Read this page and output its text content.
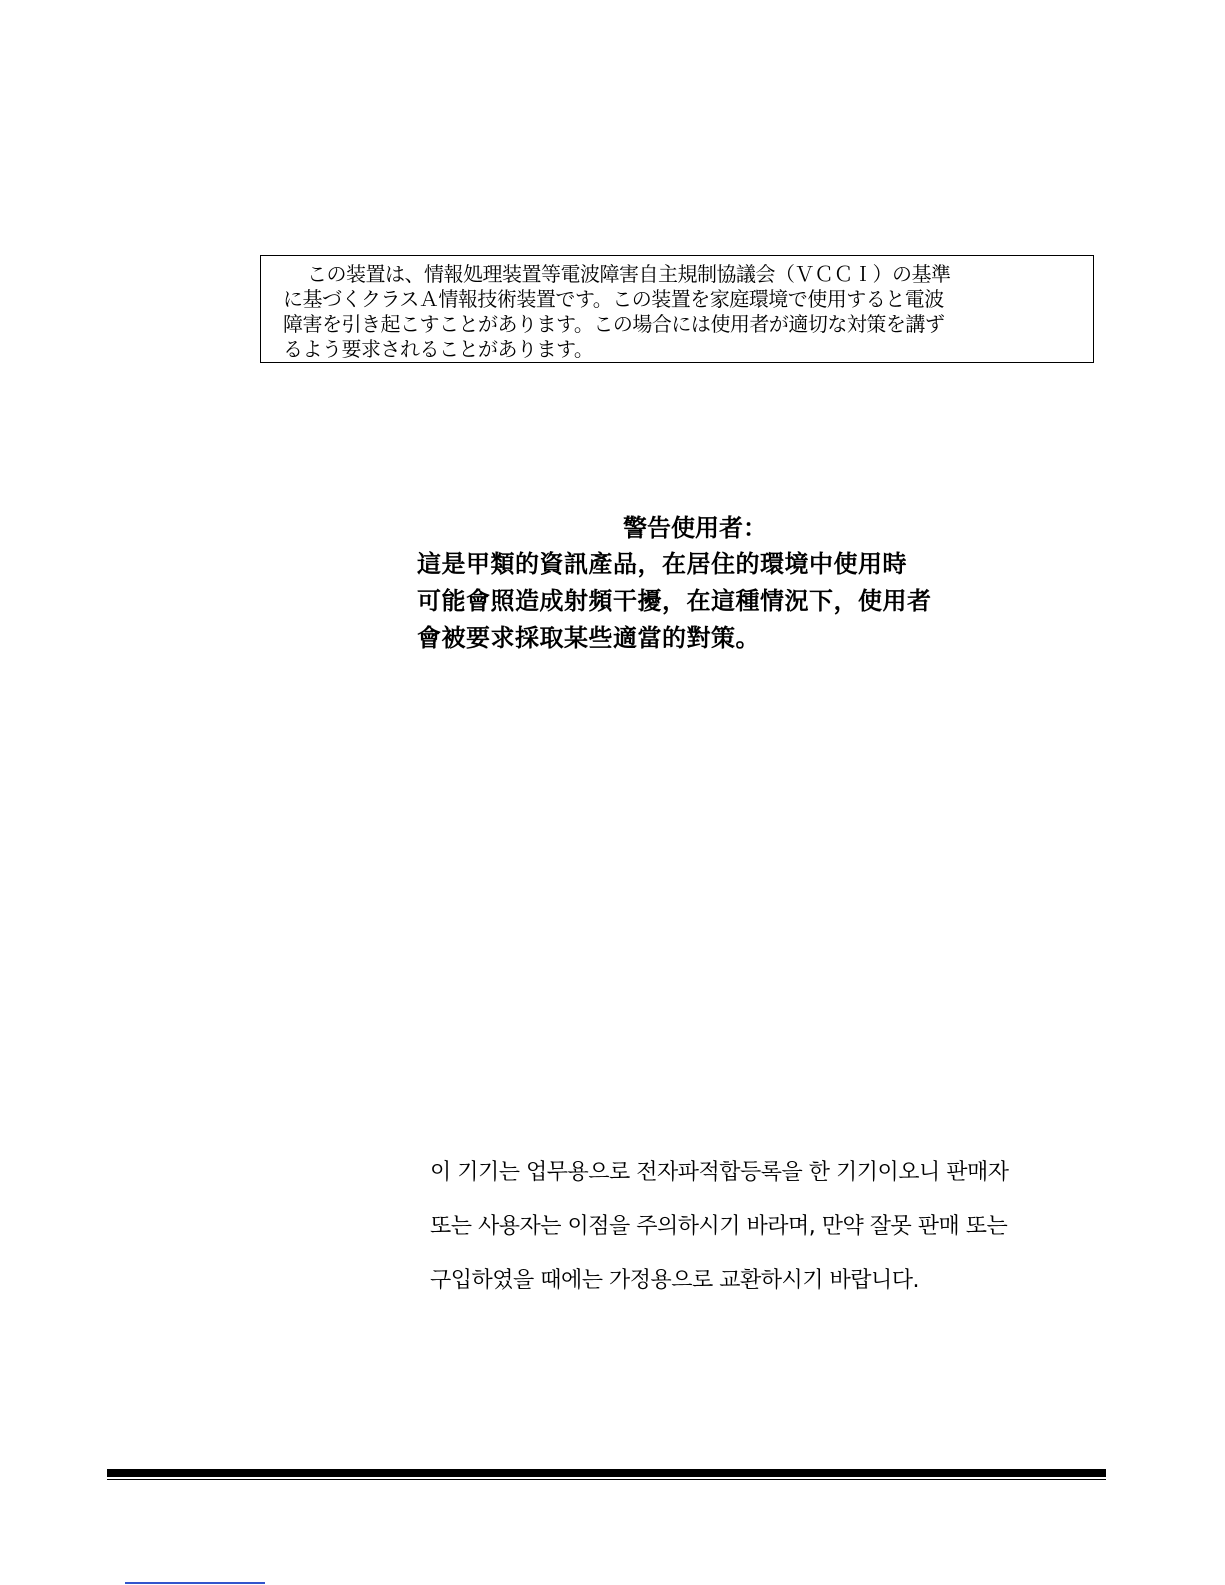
この装置は、情報処理装置等電波障害自主規制協議会（ＶＣＣＩ）の基準
に基づくクラスＡ情報技術装置です。この装置を家庭環境で使用すると電波
障害を引き起こすことがあります。この場合には使用者が適切な対策を講ず
るよう要求されることがあります。
警告使用者：
這是甲類的資訊產品，在居住的環境中使用時
可能會照造成射頻干擾，在這種情況下，使用者
會被要求採取某些適當的對策。
이 기기는 업무용으로 전자파적합등록을 한 기기이오니 판매자
또는 사용자는 이점을 주의하시기 바라며, 만약 잘못 판매 또는
구입하였을 때에는 가정용으로 교환하시기 바랍니다.
